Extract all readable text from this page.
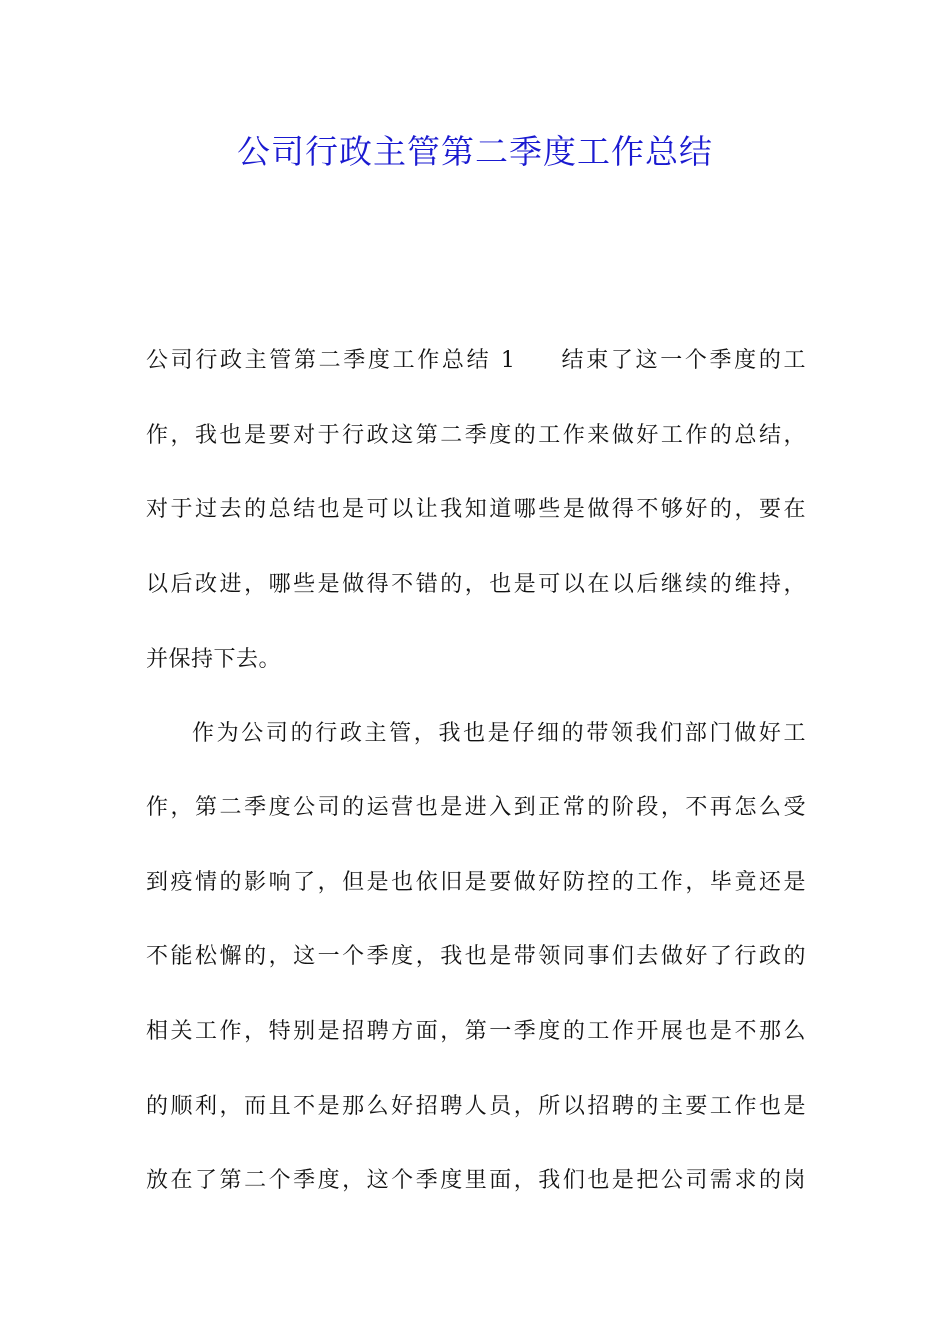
公司行政主管第二季度工作总结
公司行政主管第二季度工作总结 1 结束了这一个季度的工
作，我也是要对于行政这第二季度的工作来做好工作的总结，
对于过去的总结也是可以让我知道哪些是做得不够好的，要在
以后改进，哪些是做得不错的，也是可以在以后继续的维持，
并保持下去。
作为公司的行政主管，我也是仔细的带领我们部门做好工
作，第二季度公司的运营也是进入到正常的阶段，不再怎么受
到疫情的影响了，但是也依旧是要做好防控的工作，毕竟还是
不能松懈的，这一个季度，我也是带领同事们去做好了行政的
相关工作，特别是招聘方面，第一季度的工作开展也是不那么
的顺利，而且不是那么好招聘人员，所以招聘的主要工作也是
放在了第二个季度，这个季度里面，我们也是把公司需求的岗
